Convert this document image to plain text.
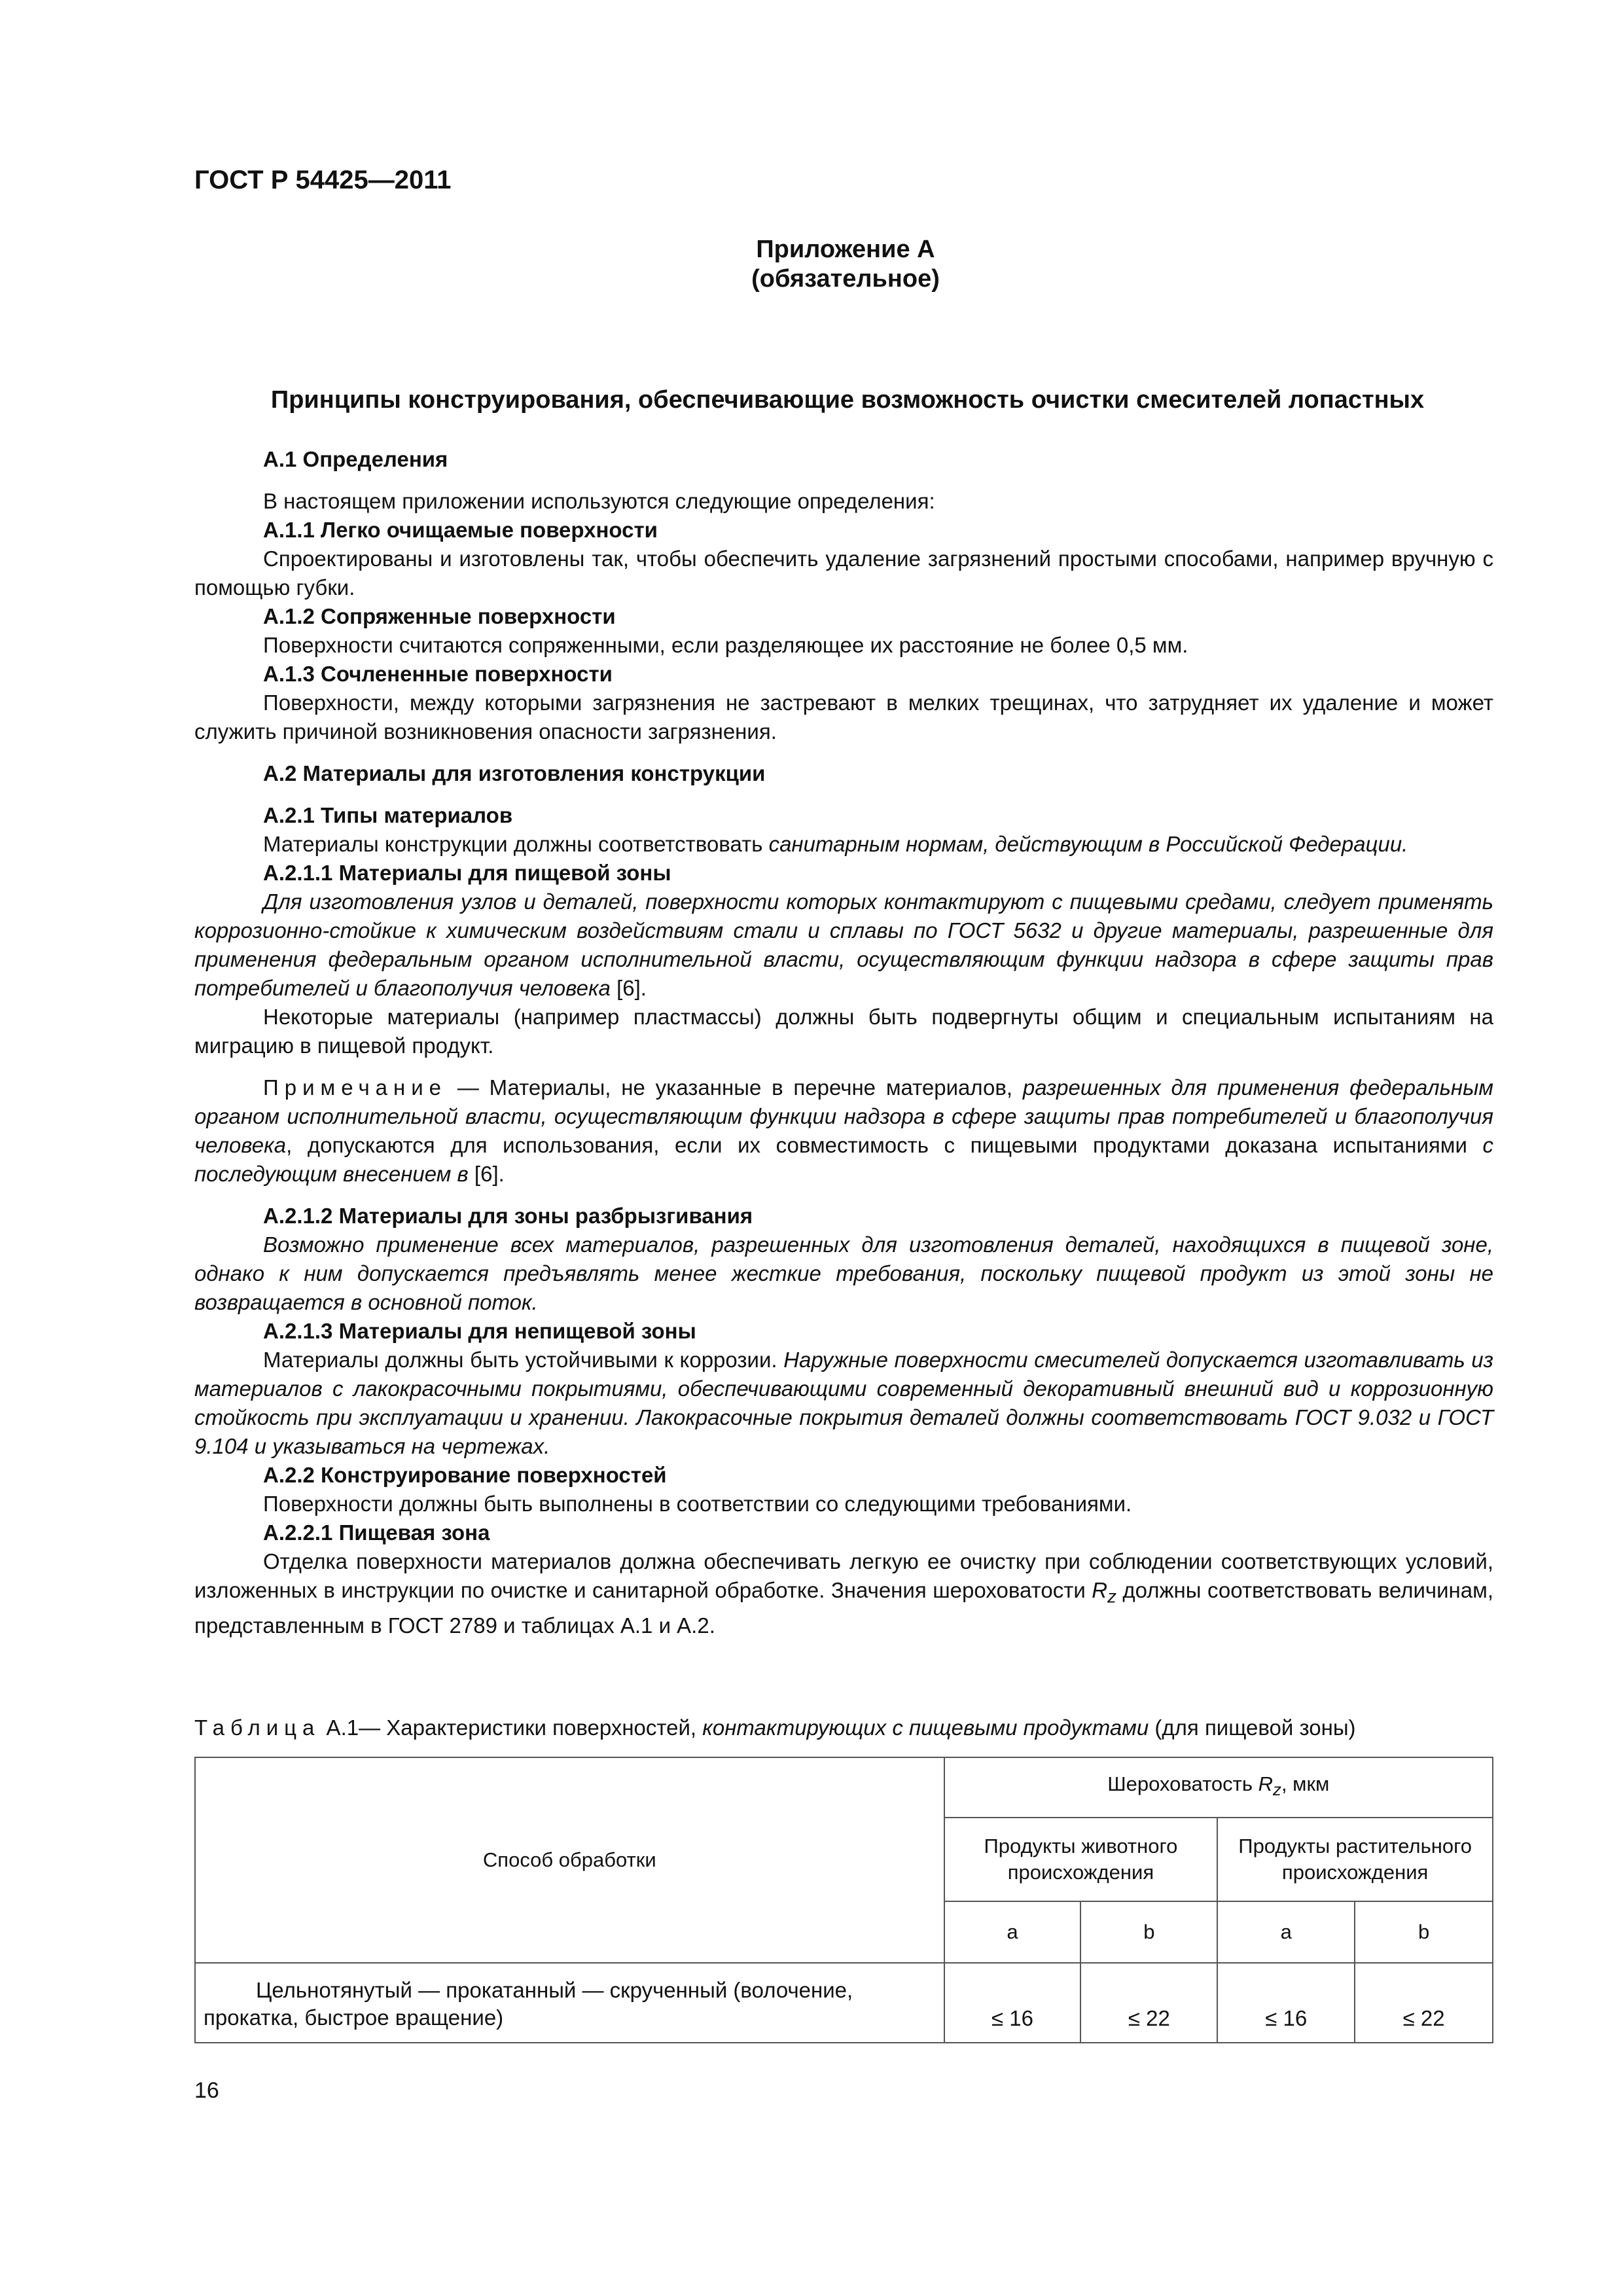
ГОСТ Р 54425—2011
Приложение А
(обязательное)
Принципы конструирования, обеспечивающие возможность очистки смесителей лопастных
А.1 Определения
В настоящем приложении используются следующие определения:
А.1.1 Легко очищаемые поверхности
Спроектированы и изготовлены так, чтобы обеспечить удаление загрязнений простыми способами, например вручную с помощью губки.
А.1.2 Сопряженные поверхности
Поверхности считаются сопряженными, если разделяющее их расстояние не более 0,5 мм.
А.1.3 Сочлененные поверхности
Поверхности, между которыми загрязнения не застревают в мелких трещинах, что затрудняет их удаление и может служить причиной возникновения опасности загрязнения.
А.2 Материалы для изготовления конструкции
А.2.1 Типы материалов
Материалы конструкции должны соответствовать санитарным нормам, действующим в Российской Федерации.
А.2.1.1 Материалы для пищевой зоны
Для изготовления узлов и деталей, поверхности которых контактируют с пищевыми средами, следует применять коррозионно-стойкие к химическим воздействиям стали и сплавы по ГОСТ 5632 и другие материалы, разрешенные для применения федеральным органом исполнительной власти, осуществляющим функции надзора в сфере защиты прав потребителей и благополучия человека [6].
Некоторые материалы (например пластмассы) должны быть подвергнуты общим и специальным испытаниям на миграцию в пищевой продукт.
Примечание — Материалы, не указанные в перечне материалов, разрешенных для применения федеральным органом исполнительной власти, осуществляющим функции надзора в сфере защиты прав потребителей и благополучия человека, допускаются для использования, если их совместимость с пищевыми продуктами доказана испытаниями с последующим внесением в [6].
А.2.1.2 Материалы для зоны разбрызгивания
Возможно применение всех материалов, разрешенных для изготовления деталей, находящихся в пищевой зоне, однако к ним допускается предъявлять менее жесткие требования, поскольку пищевой продукт из этой зоны не возвращается в основной поток.
А.2.1.3 Материалы для непищевой зоны
Материалы должны быть устойчивыми к коррозии. Наружные поверхности смесителей допускается изготавливать из материалов с лакокрасочными покрытиями, обеспечивающими современный декоративный внешний вид и коррозионную стойкость при эксплуатации и хранении. Лакокрасочные покрытия деталей должны соответствовать ГОСТ 9.032 и ГОСТ 9.104 и указываться на чертежах.
А.2.2 Конструирование поверхностей
Поверхности должны быть выполнены в соответствии со следующими требованиями.
А.2.2.1 Пищевая зона
Отделка поверхности материалов должна обеспечивать легкую ее очистку при соблюдении соответствующих условий, изложенных в инструкции по очистке и санитарной обработке. Значения шероховатости $R_z$ должны соответствовать величинам, представленным в ГОСТ 2789 и таблицах А.1 и А.2.
Таблица А.1— Характеристики поверхностей, контактирующих с пищевыми продуктами (для пищевой зоны)
Способ обработки	Шероховатость $R_z$, мкм			
	Продукты животного происхождения		Продукты растительного происхождения	
	a	b	a	b

Цельнотянутый — прокатанный — скрученный (волочение, прокатка, быстрое вращение)	≤ 16	≤ 22	≤ 16	≤ 22
16
